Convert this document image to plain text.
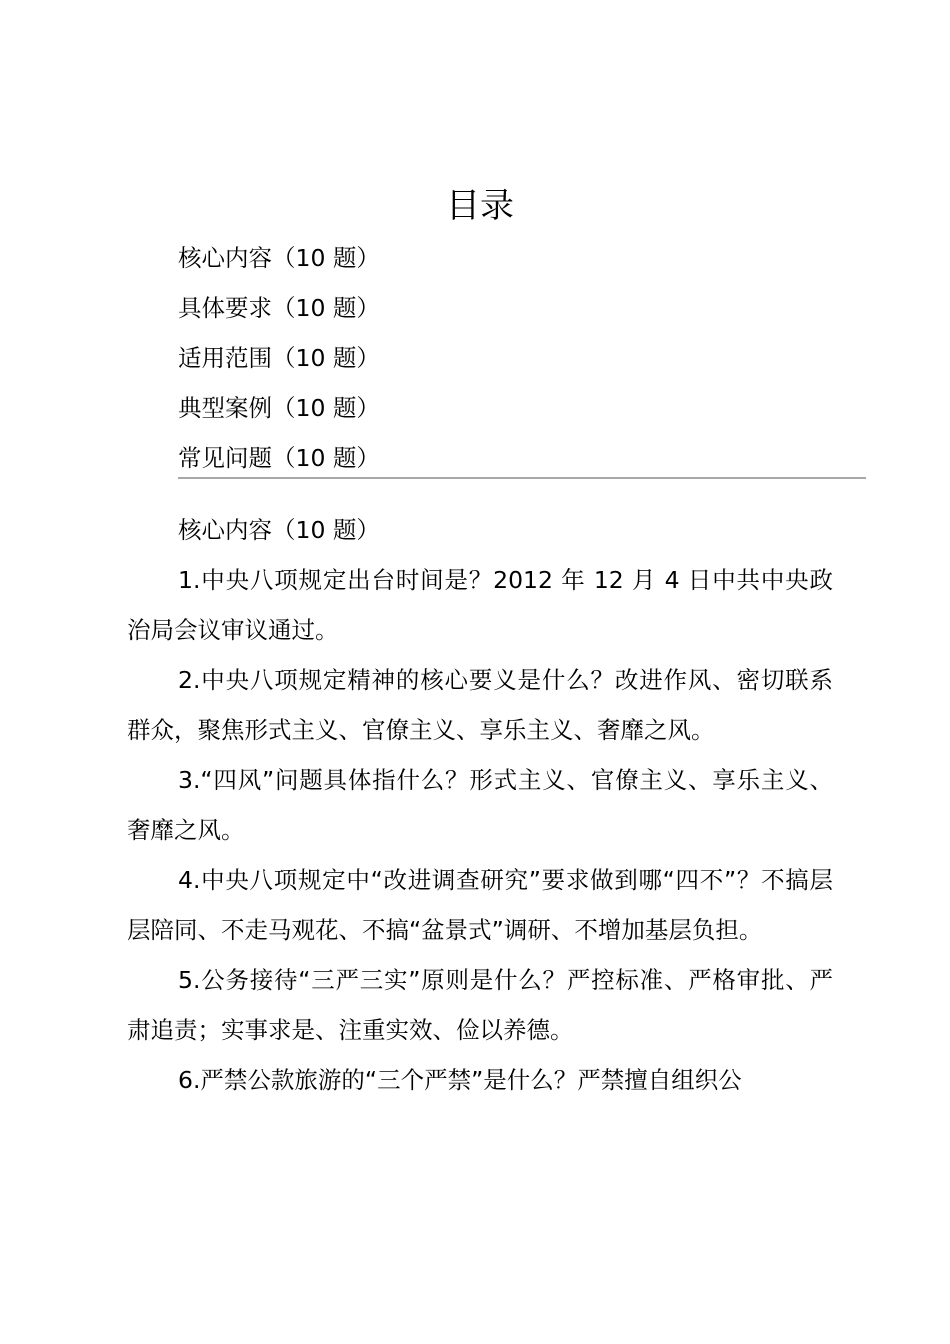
目录
核心内容（10 题）
具体要求（10 题）
适用范围（10 题）
典型案例（10 题）
常见问题（10 题）
核心内容（10 题）

1.中央八项规定出台时间是？2012 年 12 月 4 日中共中央政治局会议审议通过。

2.中央八项规定精神的核心要义是什么？改进作风、密切联系群众，聚焦形式主义、官僚主义、享乐主义、奢靡之风。

3.“四风”问题具体指什么？形式主义、官僚主义、享乐主义、奢靡之风。

4.中央八项规定中“改进调查研究”要求做到哪“四不”？不搞层层陪同、不走马观花、不搞“盆景式”调研、不增加基层负担。

5.公务接待“三严三实”原则是什么？严控标准、严格审批、严肃追责；实事求是、注重实效、俭以养德。

6.严禁公款旅游的“三个严禁”是什么？严禁擅自组织公
